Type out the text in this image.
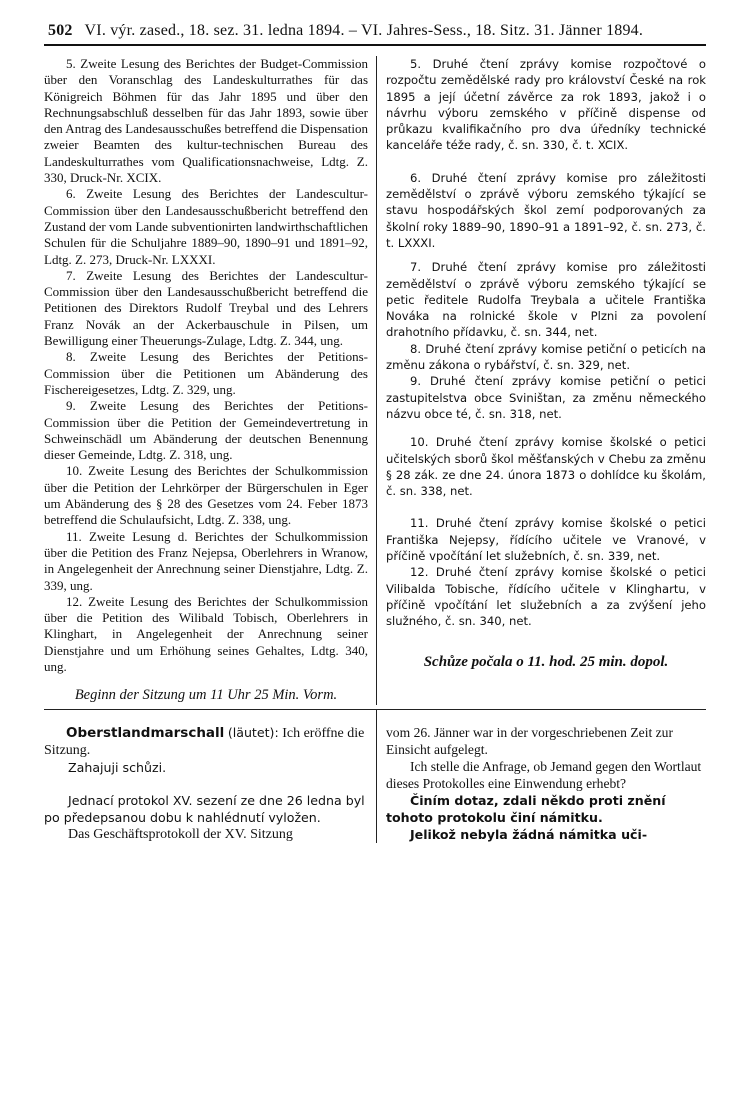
502 VI. výr. zased., 18. sez. 31. ledna 1894. – VI. Jahres-Sess., 18. Sitz. 31. Jänner 1894.

5. Zweite Lesung des Berichtes der Budget-Commission über den Voranschlag des Landeskulturrathes für das Königreich Böhmen für das Jahr 1895 und über den Rechnungsabschluß desselben für das Jahr 1893, sowie über den Antrag des Landesausschußes betreffend die Dispensation zweier Beamten des kultur-technischen Bureau des Landeskulturrathes vom Qualificationsnachweise, Ldtg. Z. 330, Druck-Nr. XCIX.

6. Zweite Lesung des Berichtes der Landescultur-Commission über den Landesausschußbericht betreffend den Zustand der vom Lande subventionirten landwirthschaftlichen Schulen für die Schuljahre 1889–90, 1890–91 und 1891–92, Ldtg. Z. 273, Druck-Nr. LXXXI.

7. Zweite Lesung des Berichtes der Landescultur-Commission über den Landesausschußbericht betreffend die Petitionen des Direktors Rudolf Treybal und des Lehrers Franz Novák an der Ackerbauschule in Pilsen, um Bewilligung einer Theuerungs-Zulage, Ldtg. Z. 344, ung.

8. Zweite Lesung des Berichtes der Petitions-Commission über die Petitionen um Abänderung des Fischereigesetzes, Ldtg. Z. 329, ung.

9. Zweite Lesung des Berichtes der Petitions-Commission über die Petition der Gemeindevertretung in Schweinschädl um Abänderung der deutschen Benennung dieser Gemeinde, Ldtg. Z. 318, ung.

10. Zweite Lesung des Berichtes der Schulkommission über die Petition der Lehrkörper der Bürgerschulen in Eger um Abänderung des § 28 des Gesetzes vom 24. Feber 1873 betreffend die Schulaufsicht, Ldtg. Z. 338, ung.

11. Zweite Lesung d. Berichtes der Schulkommission über die Petition des Franz Nejepsa, Oberlehrers in Wranow, in Angelegenheit der Anrechnung seiner Dienstjahre, Ldtg. Z. 339, ung.

12. Zweite Lesung des Berichtes der Schulkommission über die Petition des Wilibald Tobisch, Oberlehrers in Klinghart, in Angelegenheit der Anrechnung seiner Dienstjahre und um Erhöhung seines Gehaltes, Ldtg. 340, ung.

Beginn der Sitzung um 11 Uhr 25 Min. Vorm.

5. Druhé čtení zprávy komise rozpočtové o rozpočtu zemědělské rady pro království České na rok 1895 a její účetní závěrce za rok 1893, jakož i o návrhu výboru zemského v příčině dispense od průkazu kvalifikačního pro dva úředníky technické kanceláře téže rady, č. sn. 330, č. t. XCIX.

6. Druhé čtení zprávy komise pro záležitosti zemědělství o zprávě výboru zemského týkající se stavu hospodářských škol zemí podporovaných za školní roky 1889–90, 1890–91 a 1891–92, č. sn. 273, č. t. LXXXI.

7. Druhé čtení zprávy komise pro záležitosti zemědělství o zprávě výboru zemského týkající se petic ředitele Rudolfa Treybala a učitele Františka Nováka na rolnické škole v Plzni za povolení drahotního přídavku, č. sn. 344, net.

8. Druhé čtení zprávy komise petiční o peticích na změnu zákona o rybářství, č. sn. 329, net.

9. Druhé čtení zprávy komise petiční o petici zastupitelstva obce Sviništan, za změnu německého názvu obce té, č. sn. 318, net.

10. Druhé čtení zprávy komise školské o petici učitelských sborů škol měšťanských v Chebu za změnu § 28 zák. ze dne 24. února 1873 o dohlídce ku školám, č. sn. 338, net.

11. Druhé čtení zprávy komise školské o petici Františka Nejepsy, řídícího učitele ve Vranové, v příčině vpočítání let služebních, č. sn. 339, net.

12. Druhé čtení zprávy komise školské o petici Vilibalda Tobische, řídícího učitele v Klinghartu, v příčině vpočítání let služebních a za zvýšení jeho služného, č. sn. 340, net.

Schůze počala o 11. hod. 25 min. dopol.

Oberstlandmarschall (läutet): Ich eröffne die Sitzung.

Zahajuji schůzi.

Jednací protokol XV. sezení ze dne 26 ledna byl po předepsanou dobu k nahlédnutí vyložen.

Das Geschäftsprotokoll der XV. Sitzung

vom 26. Jänner war in der vorgeschriebenen Zeit zur Einsicht aufgelegt.

Ich stelle die Anfrage, ob Jemand gegen den Wortlaut dieses Protokolles eine Einwendung erhebt?

Činím dotaz, zdali někdo proti znění tohoto protokolu činí námitku.

Jelikož nebyla žádná námitka uči-
